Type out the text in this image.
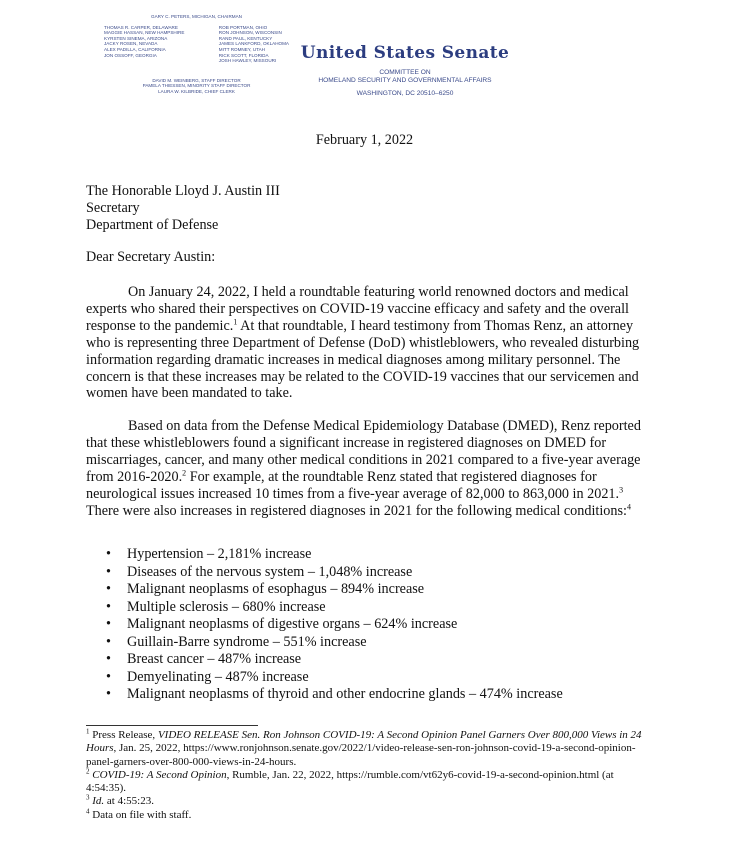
GARY C. PETERS, MICHIGAN, CHAIRMAN
THOMAS R. CARPER, DELAWARE
MAGGIE HASSAN, NEW HAMPSHIRE
KYRSTEN SINEMA, ARIZONA
JACKY ROSEN, NEVADA
ALEX PADILLA, CALIFORNIA
JON OSSOFF, GEORGIA
ROB PORTMAN, OHIO
RON JOHNSON, WISCONSIN
RAND PAUL, KENTUCKY
JAMES LANKFORD, OKLAHOMA
MITT ROMNEY, UTAH
RICK SCOTT, FLORIDA
JOSH HAWLEY, MISSOURI
DAVID M. WEINBERG, STAFF DIRECTOR
PAMELA THIESSEN, MINORITY STAFF DIRECTOR
LAURA W. KILBRIDE, CHIEF CLERK
United States Senate
COMMITTEE ON
HOMELAND SECURITY AND GOVERNMENTAL AFFAIRS
WASHINGTON, DC 20510–6250
February 1, 2022
The Honorable Lloyd J. Austin III
Secretary
Department of Defense
Dear Secretary Austin:

On January 24, 2022, I held a roundtable featuring world renowned doctors and medical experts who shared their perspectives on COVID-19 vaccine efficacy and safety and the overall response to the pandemic.$^1$ At that roundtable, I heard testimony from Thomas Renz, an attorney who is representing three Department of Defense (DoD) whistleblowers, who revealed disturbing information regarding dramatic increases in medical diagnoses among military personnel. The concern is that these increases may be related to the COVID-19 vaccines that our servicemen and women have been mandated to take.

Based on data from the Defense Medical Epidemiology Database (DMED), Renz reported that these whistleblowers found a significant increase in registered diagnoses on DMED for miscarriages, cancer, and many other medical conditions in 2021 compared to a five-year average from 2016-2020.$^2$ For example, at the roundtable Renz stated that registered diagnoses for neurological issues increased 10 times from a five-year average of 82,000 to 863,000 in 2021.$^3$ There were also increases in registered diagnoses in 2021 for the following medical conditions:$^4$

• Hypertension – 2,181% increase
• Diseases of the nervous system – 1,048% increase
• Malignant neoplasms of esophagus – 894% increase
• Multiple sclerosis – 680% increase
• Malignant neoplasms of digestive organs – 624% increase
• Guillain-Barre syndrome – 551% increase
• Breast cancer – 487% increase
• Demyelinating – 487% increase
• Malignant neoplasms of thyroid and other endocrine glands – 474% increase

$^1$ Press Release, VIDEO RELEASE Sen. Ron Johnson COVID-19: A Second Opinion Panel Garners Over 800,000 Views in 24 Hours, Jan. 25, 2022, https://www.ronjohnson.senate.gov/2022/1/video-release-sen-ron-johnson-covid-19-a-second-opinion-panel-garners-over-800-000-views-in-24-hours.

$^2$ COVID-19: A Second Opinion, Rumble, Jan. 22, 2022, https://rumble.com/vt62y6-covid-19-a-second-opinion.html (at 4:54:35).

$^3$ Id. at 4:55:23.

$^4$ Data on file with staff.
